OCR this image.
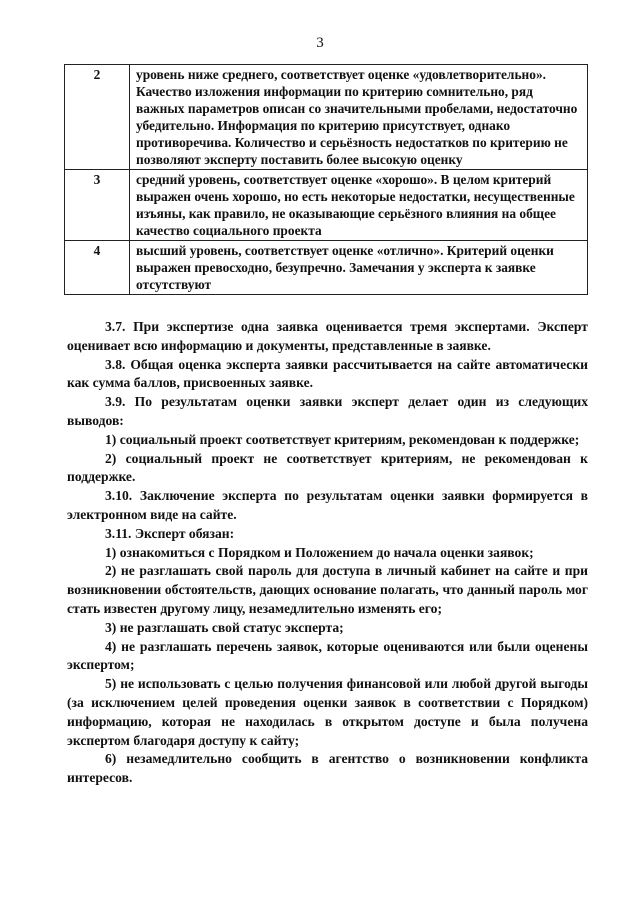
3
2	уровень ниже среднего, соответствует оценке «удовлетворительно». Качество изложения информации по критерию сомнительно, ряд важных параметров описан со значительными пробелами, недостаточно убедительно. Информация по критерию присутствует, однако противоречива. Количество и серьёзность недостатков по критерию не позволяют эксперту поставить более высокую оценку
3	средний уровень, соответствует оценке «хорошо». В целом критерий выражен очень хорошо, но есть некоторые недостатки, несущественные изъяны, как правило, не оказывающие серьёзного влияния на общее качество социального проекта
4	высший уровень, соответствует оценке «отлично». Критерий оценки выражен превосходно, безупречно. Замечания у эксперта к заявке отсутствуют

3.7. При экспертизе одна заявка оценивается тремя экспертами. Эксперт оценивает всю информацию и документы, представленные в заявке.

3.8. Общая оценка эксперта заявки рассчитывается на сайте автоматически как сумма баллов, присвоенных заявке.

3.9. По результатам оценки заявки эксперт делает один из следующих выводов:

1) социальный проект соответствует критериям, рекомендован к поддержке;

2) социальный проект не соответствует критериям, не рекомендован к поддержке.

3.10. Заключение эксперта по результатам оценки заявки формируется в электронном виде на сайте.

3.11. Эксперт обязан:

1) ознакомиться с Порядком и Положением до начала оценки заявок;

2) не разглашать свой пароль для доступа в личный кабинет на сайте и при возникновении обстоятельств, дающих основание полагать, что данный пароль мог стать известен другому лицу, незамедлительно изменять его;

3) не разглашать свой статус эксперта;

4) не разглашать перечень заявок, которые оцениваются или были оценены экспертом;

5) не использовать с целью получения финансовой или любой другой выгоды (за исключением целей проведения оценки заявок в соответствии с Порядком) информацию, которая не находилась в открытом доступе и была получена экспертом благодаря доступу к сайту;

6) незамедлительно сообщить в агентство о возникновении конфликта интересов.
